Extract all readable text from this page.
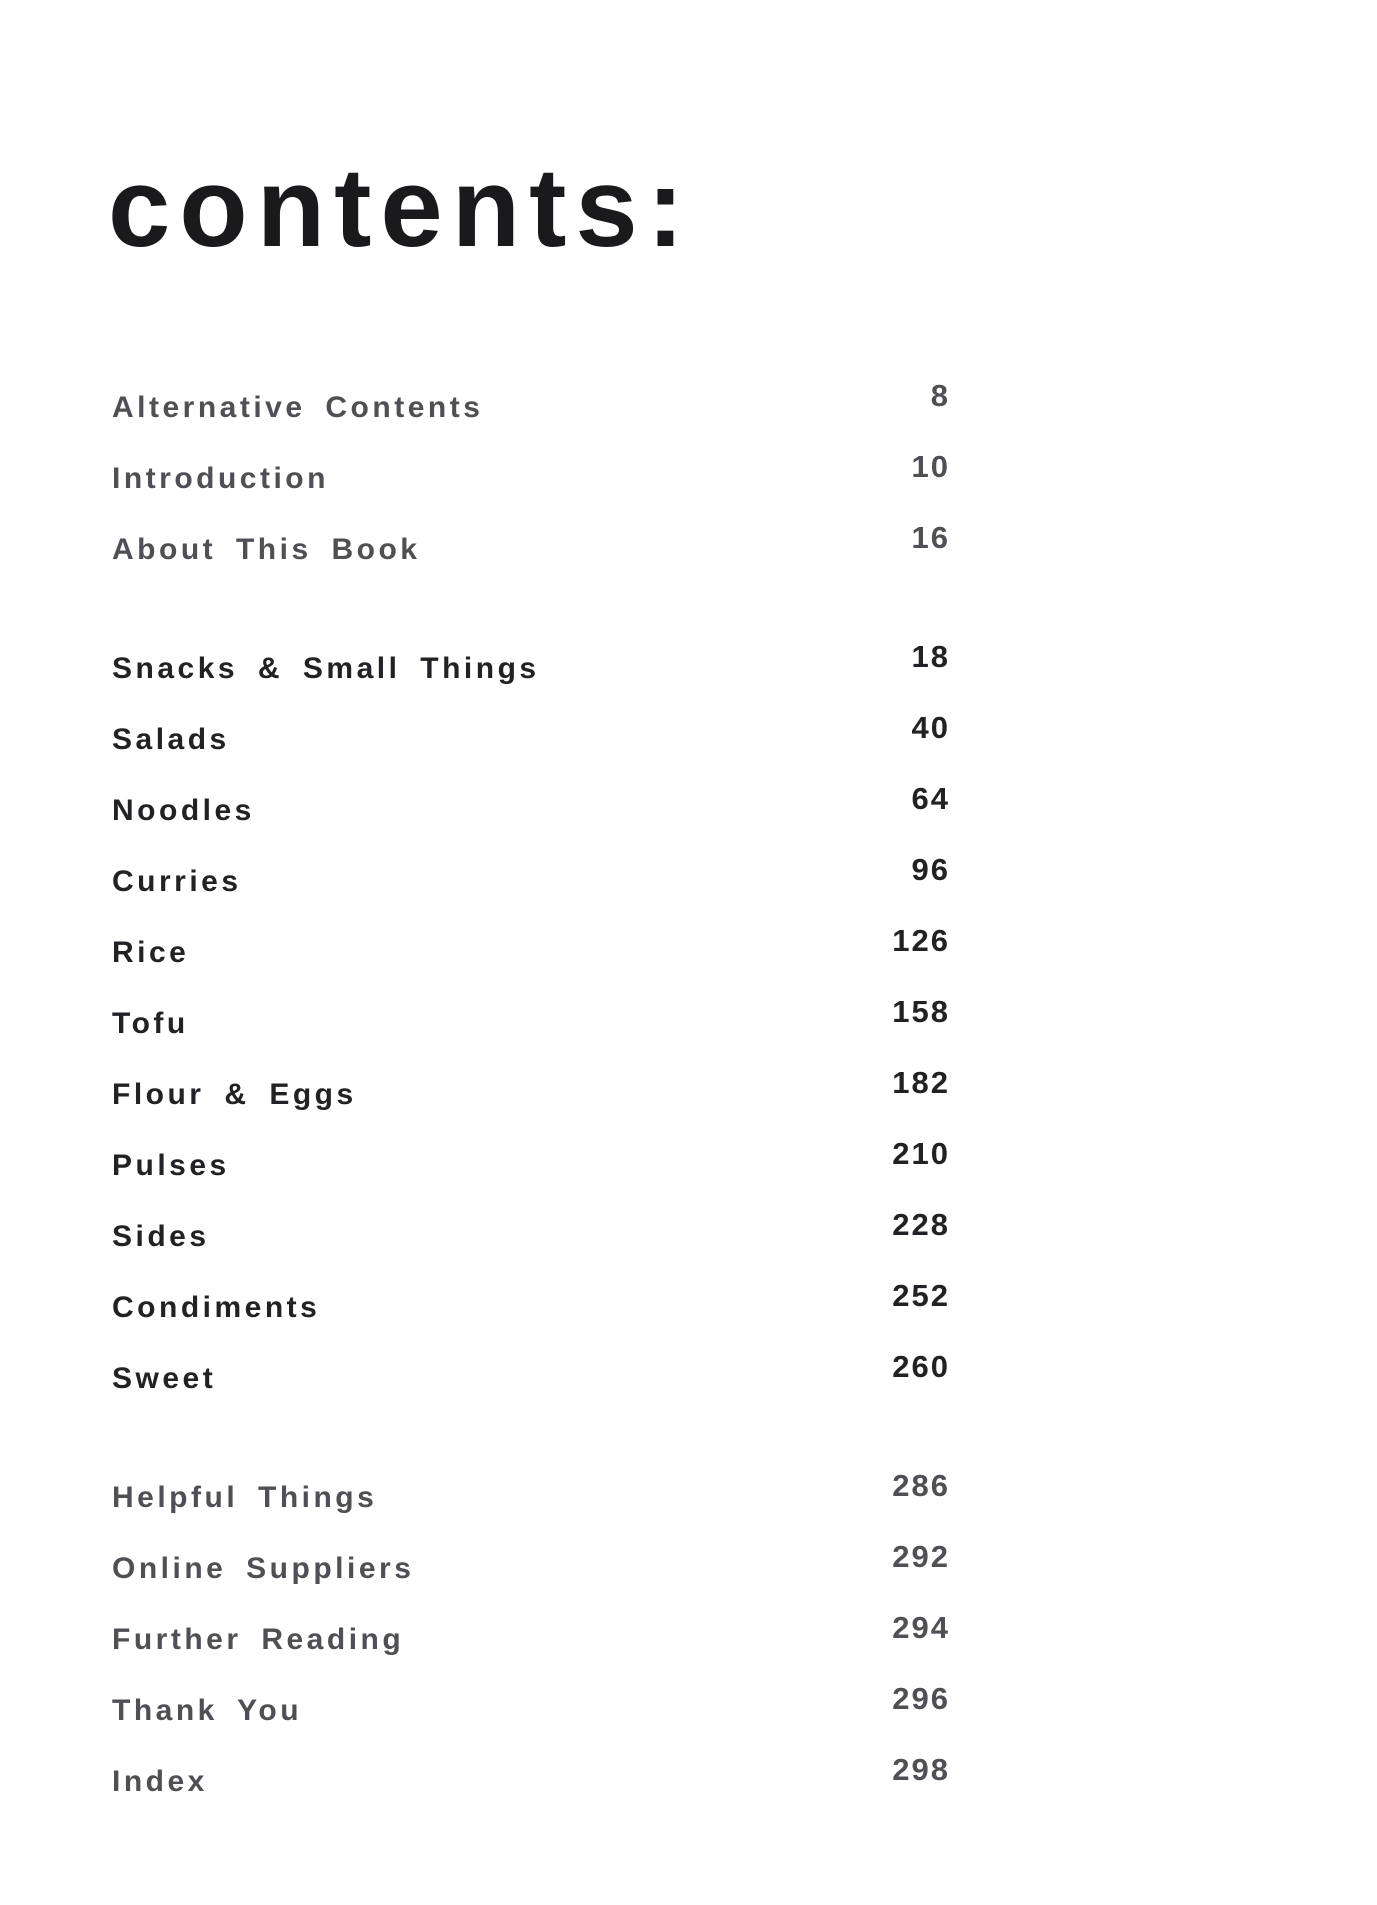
contents:
Alternative Contents	8
Introduction	10
About This Book	16
Snacks & Small Things	18
Salads	40
Noodles	64
Curries	96
Rice	126
Tofu	158
Flour & Eggs	182
Pulses	210
Sides	228
Condiments	252
Sweet	260
Helpful Things	286
Online Suppliers	292
Further Reading	294
Thank You	296
Index	298
